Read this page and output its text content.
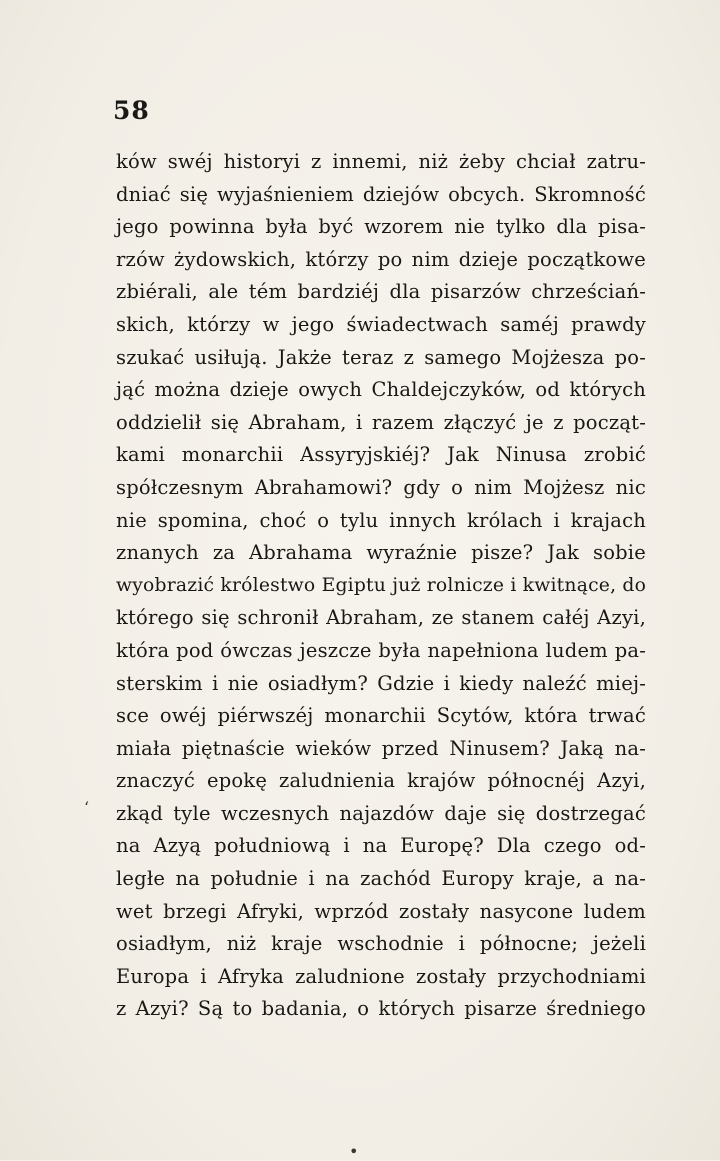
58
ków swéj historyi z innemi, niż żeby chciał zatru-
dniać się wyjaśnieniem dziejów obcych. Skromność
jego powinna była być wzorem nie tylko dla pisa-
rzów żydowskich, którzy po nim dzieje początkowe
zbiérali, ale tém bardziéj dla pisarzów chrześciań-
skich, którzy w jego świadectwach saméj prawdy
szukać usiłują. Jakże teraz z samego Mojżesza po-
jąć można dzieje owych Chaldejczyków, od których
oddzielił się Abraham, i razem złączyć je z począt-
kami monarchii Assyryjskiéj? Jak Ninusa zrobić
spółczesnym Abrahamowi? gdy o nim Mojżesz nic
nie spomina, choć o tylu innych królach i krajach
znanych za Abrahama wyraźnie pisze? Jak sobie
wyobrazić królestwo Egiptu już rolnicze i kwitnące, do
którego się schronił Abraham, ze stanem całéj Azyi,
która pod ówczas jeszcze była napełniona ludem pa-
sterskim i nie osiadłym? Gdzie i kiedy naleźć miej-
sce owéj piérwszéj monarchii Scytów, która trwać
miała piętnaście wieków przed Ninusem? Jaką na-
znaczyć epokę zaludnienia krajów północnéj Azyi,
zkąd tyle wczesnych najazdów daje się dostrzegać
na Azyą południową i na Europę? Dla czego od-
ległe na południe i na zachód Europy kraje, a na-
wet brzegi Afryki, wprzód zostały nasycone ludem
osiadłym, niż kraje wschodnie i północne; jeżeli
Europa i Afryka zaludnione zostały przychodniami
z Azyi? Są to badania, o których pisarze średniego
ʻ
•
